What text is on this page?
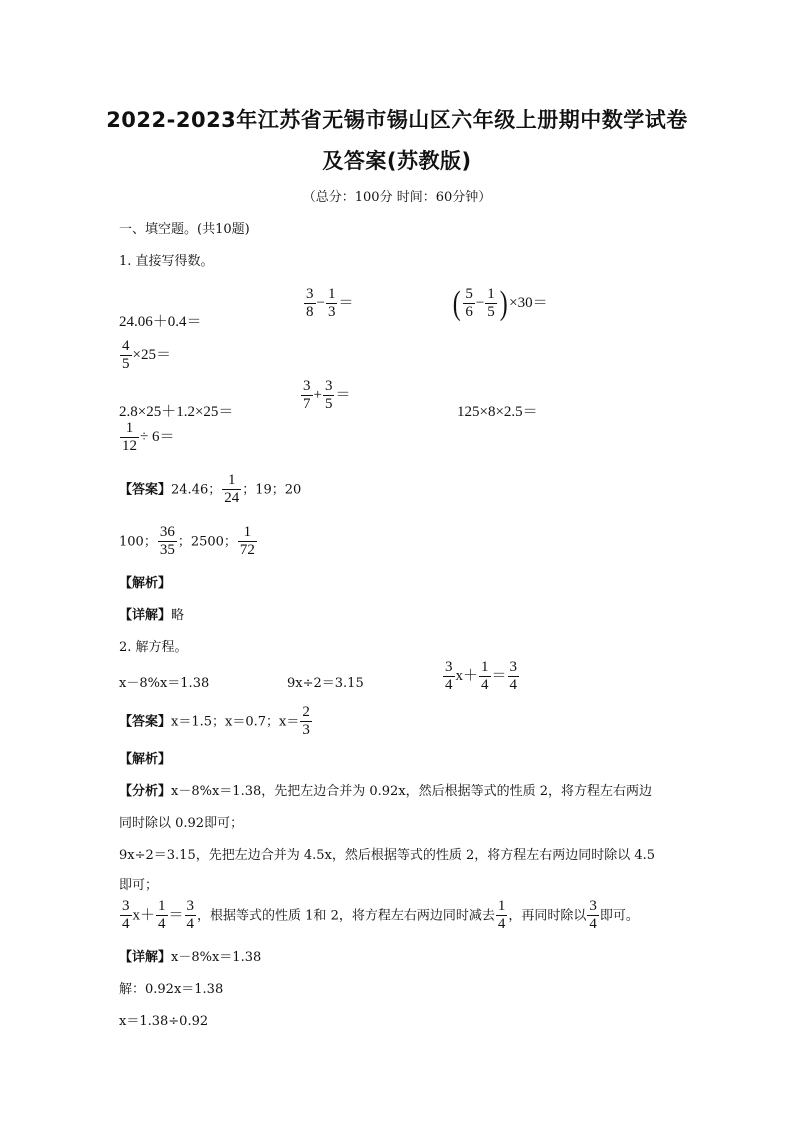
2022-2023年江苏省无锡市锡山区六年级上册期中数学试卷
及答案(苏教版)
（总分：100分 时间：60分钟）
一、填空题。(共10题)
1. 直接写得数。
24.06＋0.4＝
$\frac{3}{8} - \frac{1}{3}$ ＝	( $\frac{5}{6} - \frac{1}{5}$ ) ×30＝
$\frac{4}{5} \times 25=$
2.8×25＋1.2×25＝	$\frac{3}{7} + \frac{3}{5}$ ＝
125×8×2.5＝
$\frac{1}{12} \div 6=$
【答案】24.46； $\frac{1}{24}$ ；19；20
100； $\frac{36}{35}$ ；2500； $\frac{1}{72}$
【解析】
【详解】略
2. 解方程。
x－8%x＝1.38	9x÷2＝3.15	$\frac{3}{4} x+ \frac{1}{4} = \frac{3}{4}$
【答案】x＝1.5；x＝0.7；$x= \frac{2}{3}$
【解析】
【分析】x－8%x＝1.38，先把左边合并为 0.92x，然后根据等式的性质 2，将方程左右两边
同时除以 0.92即可；
9x÷2＝3.15，先把左边合并为 4.5x，然后根据等式的性质 2，将方程左右两边同时除以 4.5
即可；
$\frac{3}{4} x+ \frac{1}{4} = \frac{3}{4}$ ，根据等式的性质 1和 2，将方程左右两边同时减去 $\frac{1}{4}$ ，再同时除以 $\frac{3}{4}$ 即可。
【详解】x－8%x＝1.38
解：0.92x＝1.38
x＝1.38÷0.92
